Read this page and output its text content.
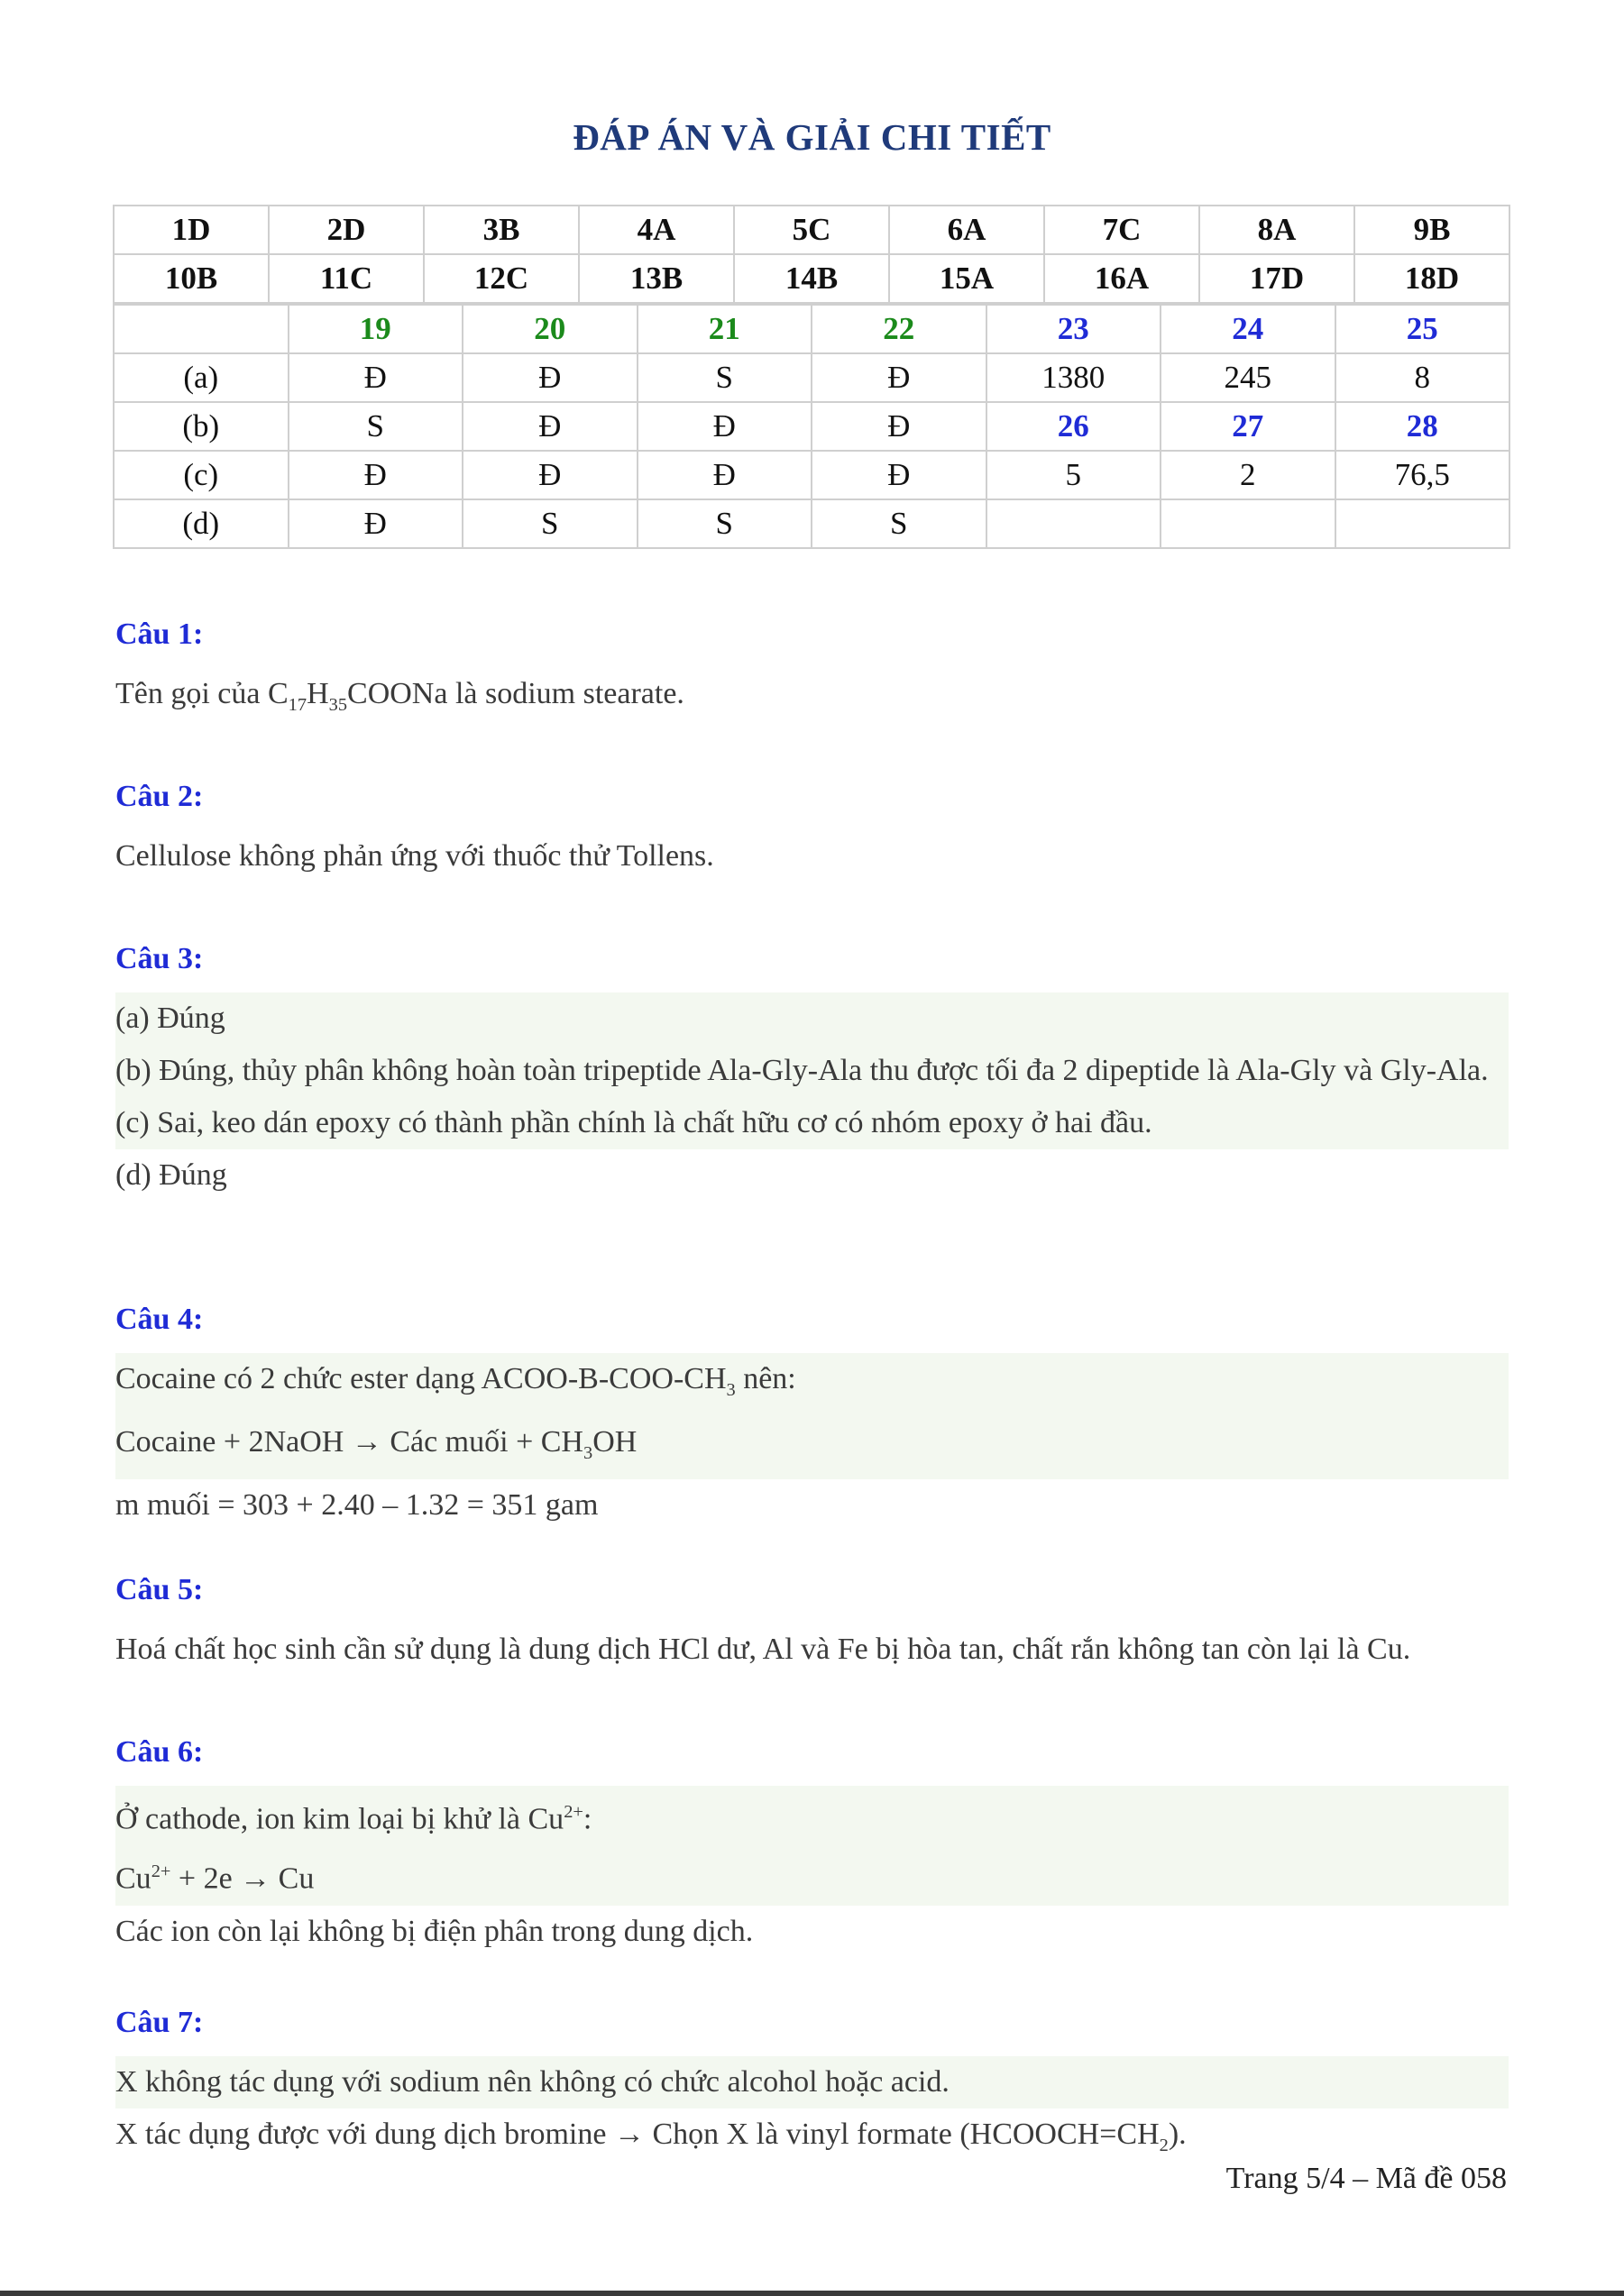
ĐÁP ÁN VÀ GIẢI CHI TIẾT
1D	2D	3B	4A	5C	6A	7C	8A	9B
10B	11C	12C	13B	14B	15A	16A	17D	18D
	19	20	21	22	23	24	25
(a)	Đ	Đ	S	Đ	1380	245	8
(b)	S	Đ	Đ	Đ	26	27	28
(c)	Đ	Đ	Đ	Đ	5	2	76,5
(d)	Đ	S	S	S			
Câu 1:
Tên gọi của $C_{17}H_{35}COONa$ là sodium stearate.
Câu 2:
Cellulose không phản ứng với thuốc thử Tollens.
Câu 3:
(a) Đúng
(b) Đúng, thủy phân không hoàn toàn tripeptide Ala-Gly-Ala thu được tối đa 2 dipeptide là Ala-Gly và Gly-Ala.
(c) Sai, keo dán epoxy có thành phần chính là chất hữu cơ có nhóm epoxy ở hai đầu.
(d) Đúng
Câu 4:
Cocaine có 2 chức ester dạng ACOO-$B-COO-CH_3$ nên:
Cocaine + 2NaOH → Các muối + $CH_3OH$
m muối = 303 + 2.40 – 1.32 = 351 gam
Câu 5:
Hoá chất học sinh cần sử dụng là dung dịch HCl dư, Al và Fe bị hòa tan, chất rắn không tan còn lại là Cu.
Câu 6:
Ở cathode, ion kim loại bị khử là $Cu^{2+}$:
$Cu^{2+} + 2e \to Cu$
Các ion còn lại không bị điện phân trong dung dịch.
Câu 7:
X không tác dụng với sodium nên không có chức alcohol hoặc acid.
X tác dụng được với dung dịch bromine → Chọn X là vinyl formate $(HCOOCH=CH_2)$.
Trang 5/4 – Mã đề 058
